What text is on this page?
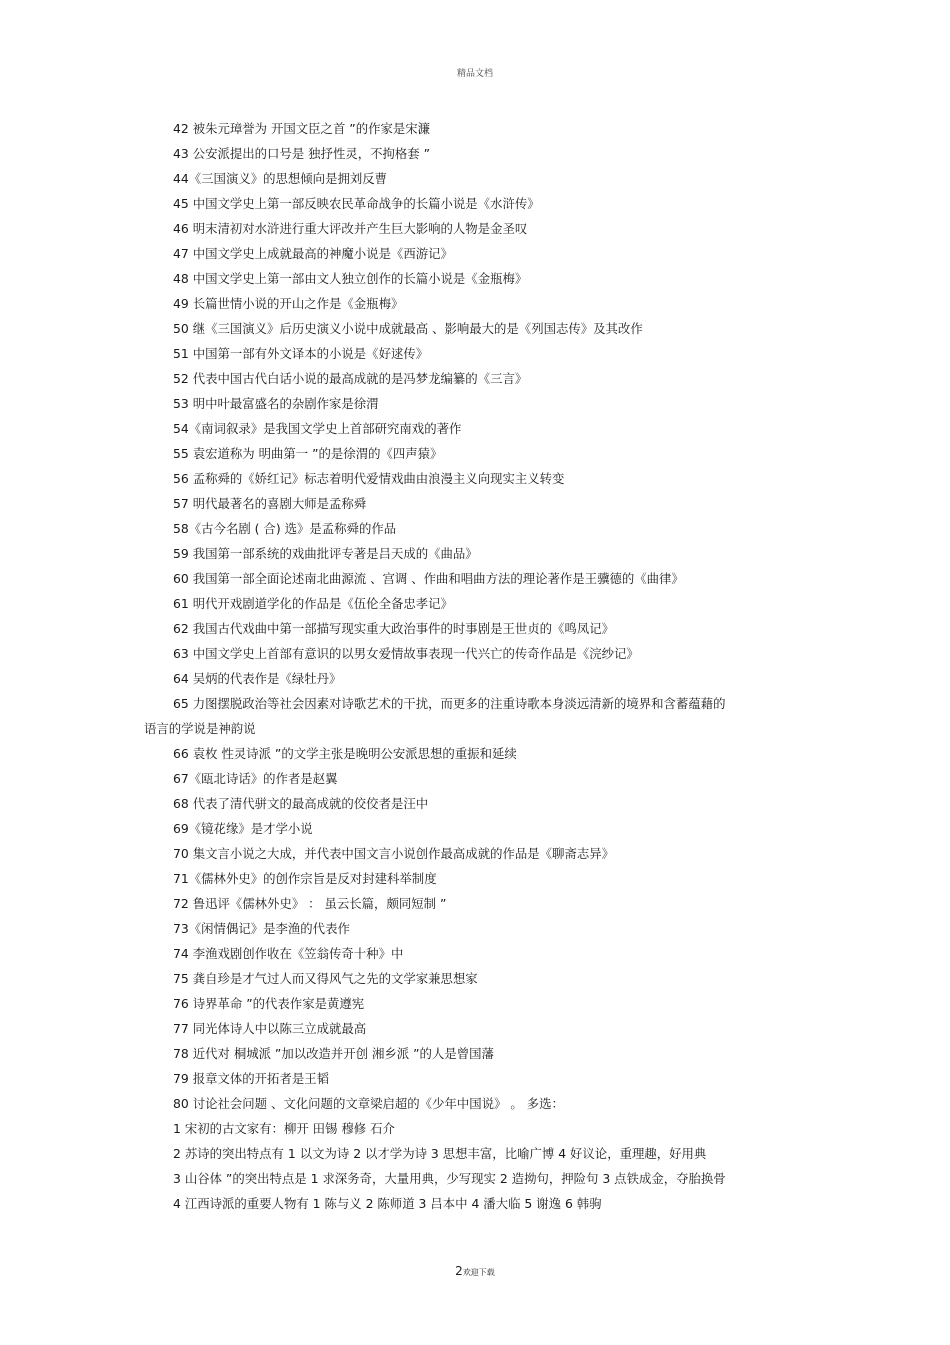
精品文档
42 被朱元璋誉为 开国文臣之首 ”的作家是宋濂
43 公安派提出的口号是 独抒性灵，不拘格套 ”
44《三国演义》的思想倾向是拥刘反曹
45 中国文学史上第一部反映农民革命战争的长篇小说是《水浒传》
46 明末清初对水浒进行重大评改并产生巨大影响的人物是金圣叹
47 中国文学史上成就最高的神魔小说是《西游记》
48 中国文学史上第一部由文人独立创作的长篇小说是《金瓶梅》
49 长篇世情小说的开山之作是《金瓶梅》
50 继《三国演义》后历史演义小说中成就最高 、影响最大的是《列国志传》及其改作
51 中国第一部有外文译本的小说是《好逑传》
52 代表中国古代白话小说的最高成就的是冯梦龙编纂的《三言》
53 明中叶最富盛名的杂剧作家是徐渭
54《南词叙录》是我国文学史上首部研究南戏的著作
55 袁宏道称为 明曲第一 ”的是徐渭的《四声猿》
56 孟称舜的《娇红记》标志着明代爱情戏曲由浪漫主义向现实主义转变
57 明代最著名的喜剧大师是孟称舜
58《古今名剧 ( 合) 选》是孟称舜的作品
59 我国第一部系统的戏曲批评专著是吕天成的《曲品》
60 我国第一部全面论述南北曲源流 、宫调 、作曲和唱曲方法的理论著作是王骥德的《曲律》
61 明代开戏剧道学化的作品是《伍伦全备忠孝记》
62 我国古代戏曲中第一部描写现实重大政治事件的时事剧是王世贞的《鸣凤记》
63 中国文学史上首部有意识的以男女爱情故事表现一代兴亡的传奇作品是《浣纱记》
64 吴炳的代表作是《绿牡丹》
65 力图摆脱政治等社会因素对诗歌艺术的干扰，而更多的注重诗歌本身淡远清新的境界和含蓄蕴藉的
语言的学说是神韵说
66 袁枚 性灵诗派 ”的文学主张是晚明公安派思想的重振和延续
67《瓯北诗话》的作者是赵翼
68 代表了清代骈文的最高成就的佼佼者是汪中
69《镜花缘》是才学小说
70 集文言小说之大成，并代表中国文言小说创作最高成就的作品是《聊斋志异》
71《儒林外史》的创作宗旨是反对封建科举制度
72 鲁迅评《儒林外史》 ： 虽云长篇，颇同短制 ”
73《闲情偶记》是李渔的代表作
74 李渔戏剧创作收在《笠翁传奇十种》中
75 龚自珍是才气过人而又得风气之先的文学家兼思想家
76 诗界革命 ”的代表作家是黄遵宪
77 同光体诗人中以陈三立成就最高
78 近代对 桐城派 ”加以改造并开创 湘乡派 ”的人是曾国藩
79 报章文体的开拓者是王韬
80 讨论社会问题 、文化问题的文章梁启超的《少年中国说》 。 多选：
1 宋初的古文家有：柳开 田锡 穆修 石介
2 苏诗的突出特点有 1 以文为诗 2 以才学为诗 3 思想丰富，比喻广博 4 好议论，重理趣，好用典
3 山谷体 ”的突出特点是 1 求深务奇，大量用典，少写现实 2 造拗句，押险句 3 点铁成金，夺胎换骨
4 江西诗派的重要人物有 1 陈与义 2 陈师道 3 吕本中 4 潘大临 5 谢逸 6 韩驹
2欢迎下载
